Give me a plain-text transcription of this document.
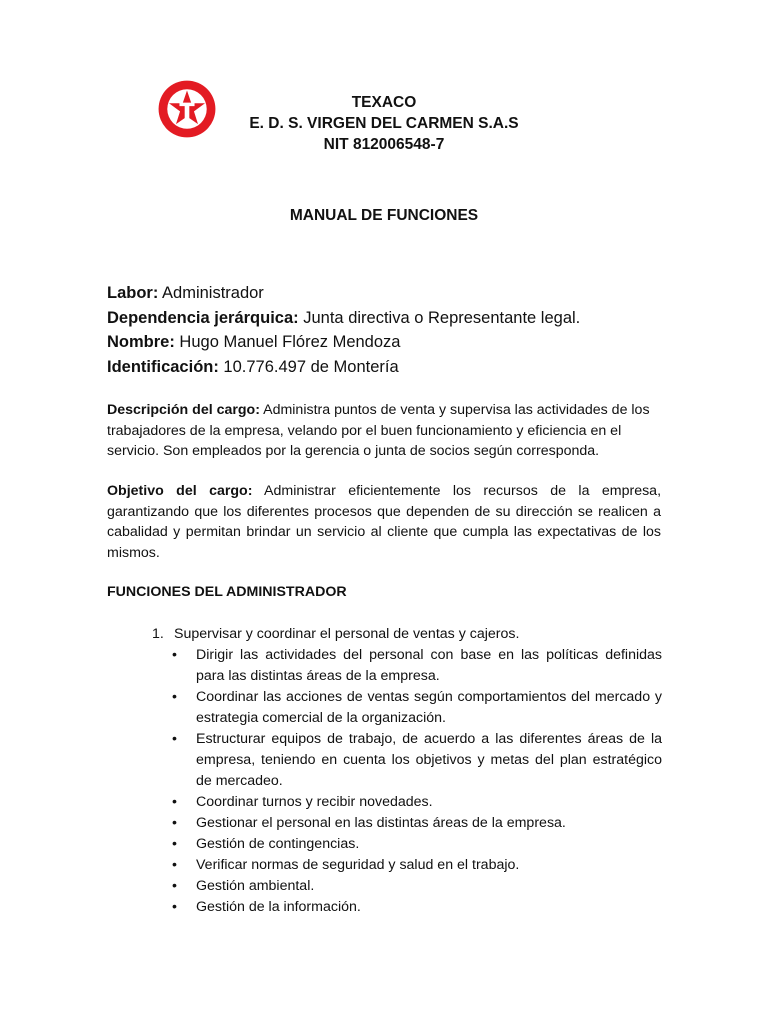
TEXACO
E. D. S. VIRGEN DEL CARMEN S.A.S
NIT 812006548-7
MANUAL DE FUNCIONES
Labor: Administrador
Dependencia jerárquica: Junta directiva o Representante legal.
Nombre: Hugo Manuel Flórez Mendoza
Identificación: 10.776.497 de Montería
Descripción del cargo: Administra puntos de venta y supervisa las actividades de los trabajadores de la empresa, velando por el buen funcionamiento y eficiencia en el servicio. Son empleados por la gerencia o junta de socios según corresponda.
Objetivo del cargo: Administrar eficientemente los recursos de la empresa, garantizando que los diferentes procesos que dependen de su dirección se realicen a cabalidad y permitan brindar un servicio al cliente que cumpla las expectativas de los mismos.
FUNCIONES DEL ADMINISTRADOR
1. Supervisar y coordinar el personal de ventas y cajeros.
•	Dirigir las actividades del personal con base en las políticas definidas para las distintas áreas de la empresa.
•	Coordinar las acciones de ventas según comportamientos del mercado y estrategia comercial de la organización.
•	Estructurar equipos de trabajo, de acuerdo a las diferentes áreas de la empresa, teniendo en cuenta los objetivos y metas del plan estratégico de mercadeo.
•	Coordinar turnos y recibir novedades.
•	Gestionar el personal en las distintas áreas de la empresa.
•	Gestión de contingencias.
•	Verificar normas de seguridad y salud en el trabajo.
•	Gestión ambiental.
•	Gestión de la información.
